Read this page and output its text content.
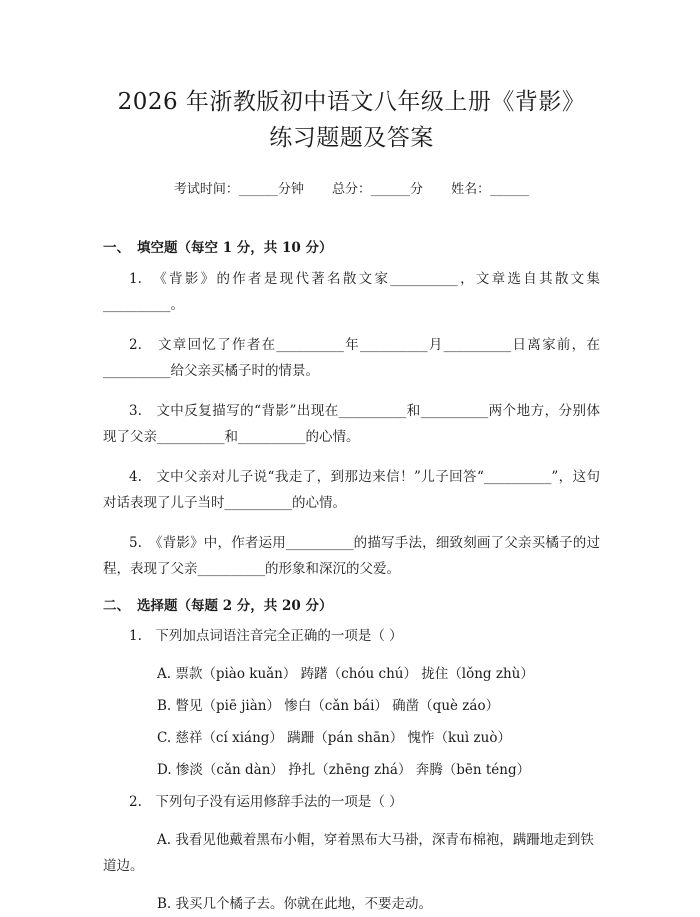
2026 年浙教版初中语文八年级上册《背影》
练习题题及答案
考试时间：______分钟 总分：______分 姓名：______
一、 填空题（每空 1 分，共 10 分）

1.　《背影》的作者是现代著名散文家__________，文章选自其散文集__________。

2.　文章回忆了作者在__________年__________月__________日离家前，在__________给父亲买橘子时的情景。

3.　文中反复描写的“背影”出现在__________和__________两个地方，分别体现了父亲__________和__________的心情。

4.　文中父亲对儿子说“我走了，到那边来信！”儿子回答“__________”，这句对话表现了儿子当时__________的心情。

5.　《背影》中，作者运用__________的描写手法，细致刻画了父亲买橘子的过程，表现了父亲__________的形象和深沉的父爱。

二、 选择题（每题 2 分，共 20 分）

1.　下列加点词语注音完全正确的一项是（ ）

A. 票款（piào kuǎn） 踌躇（chóu chú） 拢住（lǒng zhù）

B. 瞥见（piē jiàn） 惨白（cǎn bái） 确凿（què záo）

C. 慈祥（cí xiáng） 蹒跚（pán shān） 愧怍（kuì zuò）

D. 惨淡（cǎn dàn） 挣扎（zhēng zhá） 奔腾（bēn téng）

2.　下列句子没有运用修辞手法的一项是（ ）

A. 我看见他戴着黑布小帽，穿着黑布大马褂，深青布棉袍，蹒跚地走到铁道边。

B. 我买几个橘子去。你就在此地，不要走动。
